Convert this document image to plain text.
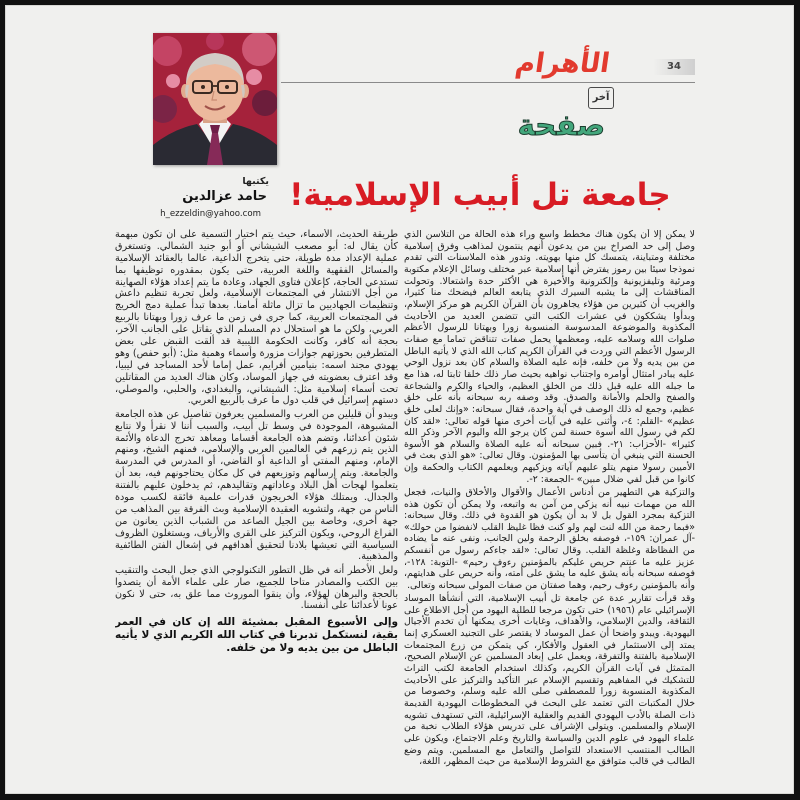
الأهرام	34
آخر
صفحة
يكتبها
حامد عزالدين
h_ezzeldin@yahoo.com
جامعة تل أبيب الإسلامية!

لا يمكن إلا أن يكون هناك مخطط واسع وراء هذه الحالة من التلاسن الذي وصل إلى حد الصراخ بين من يدعون أنهم ينتمون لمذاهب وفرق إسلامية مختلفة ومتباينة، يتمسك كل منها بهويته. وتدور هذه الملاسنات التي تقدم نموذجا سيئا بين رموز يفترض أنها إسلامية عبر مختلف وسائل الإعلام مكتوبة ومرئية وتليفزيونية وإلكترونية والأخيرة هي الأكثر حدة واشتعالا. وتحولت المناقشات إلى ما يشبه السيرك الذي يتابعه العالم فيضحك منا كثيرا، والغريب أن كثيرين من هؤلاء يجاهرون بأن القرآن الكريم هو مركز الإسلام، وبدأوا يشككون في عشرات الكتب التي تتضمن العديد من الأحاديث المكذوبة والموضوعة المدسوسة المنسوبة زورا وبهتانا للرسول الأعظم صلوات الله وسلامه عليه، ومعظمها يحمل صفات تتناقض تماما مع صفات الرسول الأعظم التي وردت في القرآن الكريم كتاب الله الذي لا يأتيه الباطل من بين يديه ولا من خلفه، فإنه عليه الصلاة والسلام كان بعد نزول الوحي عليه يبادر امتثال أوامره واجتناب نواهيه بحيث صار ذلك خلقا ثابتا له، هذا مع ما جبله الله عليه قبل ذلك من الخلق العظيم، والحياء والكرم والشجاعة والصفح والحلم والأمانة والصدق. وقد وصفه ربه سبحانه بأنه على خلق عظيم، وجمع له ذلك الوصف في آية واحدة، فقال سبحانه: «وإنك لعلى خلق عظيم» -القلم: ٤-، وأثنى عليه في آيات أخرى منها قوله تعالى: «لقد كان لكم في رسول الله أسوة حسنة لمن كان يرجو الله واليوم الآخر وذكر الله كثيرا» -الأحزاب: ٢١-. فبين سبحانه أنه عليه الصلاة والسلام هو الأسوة الحسنة التي ينبغي أن يتأسى بها المؤمنون. وقال تعالى: «هو الذي بعث في الأميين رسولا منهم يتلو عليهم آياته ويزكيهم ويعلمهم الكتاب والحكمة وإن كانوا من قبل لفي ضلال مبين» -الجمعة: ٢-.

والتزكية هي التطهير من أدناس الأعمال والأقوال والأخلاق والنيات، فجعل الله من مهمات نبيه أنه يزكي من آمن به واتبعه، ولا يمكن أن تكون هذه التزكية بمجرد القول بل لا بد أن يكون هو القدوة في ذلك. وقال سبحانه: «فبما رحمة من الله لنت لهم ولو كنت فظا غليظ القلب لانفضوا من حولك» -آل عمران: ١٥٩-، فوصفه بخلق الرحمة ولين الجانب، ونفى عنه ما يضاده من الفظاظة وغلظة القلب. وقال تعالى: «لقد جاءكم رسول من أنفسكم عزيز عليه ما عنتم حريص عليكم بالمؤمنين رءوف رحيم» -التوبة: ١٢٨-، فوصفه سبحانه بأنه يشق عليه ما يشق على أمته، وأنه حريص على هدايتهم، وأنه بالمؤمنين رءوف رحيم، وهما صفتان من صفات المولى سبحانه وتعالى.

وقد قرأت تقارير عدة عن جامعة تل أبيب الإسلامية، التي أنشأها الموساد الإسرائيلي عام (١٩٥٦) حتى تكون مرجعا للطلبة اليهود من أجل الاطلاع على الثقافة، والدين الإسلامي، والأهداف، وغايات أخرى يمكنها أن تخدم الأجيال اليهودية. ويبدو واضحا أن عمل الموساد لا يقتصر على التجنيد العسكري إنما يمتد إلى الاستثمار في العقول والأفكار، كي يتمكن من زرع المجتمعات الإسلامية بالفتنة والتفرقة، ويعمل على إبعاد المسلمين عن الإسلام الصحيح، المتمثل في آيات القرآن الكريم، وكذلك استخدام الجامعة لكتب التراث للتشكيك في المفاهيم وتقسيم الإسلام عبر التأكيد والتركيز على الأحاديث المكذوبة المنسوبة زورا للمصطفى صلى الله عليه وسلم، وخصوصا من خلال المكتبات التي تعتمد على البحث في المخطوطات اليهودية القديمة ذات الصلة بالأدب اليهودي القديم والعقلية الإسرائيلية، التي تستهدف تشويه الإسلام والمسلمين. ويتولى الإشراف على تدريس هؤلاء الطلاب نخبة من علماء اليهود في علوم الدين والسياسة والتاريخ وعلم الاجتماع، ويكون على الطالب المنتسب الاستعداد للتواصل والتعامل مع المسلمين. ويتم وضع الطالب في قالب متوافق مع الشروط الإسلامية من حيث المظهر، اللغة،

طريقة الحديث، الأسماء، حيث يتم اختيار التسمية على أن تكون مبهمة كأن يقال له: أبو مصعب الشيشاني أو أبو جنيد الشمالي. وتستغرق عملية الإعداد مدة طويلة، حتى يتخرج الداعية، عالما بالعقائد الإسلامية والمسائل الفقهية واللغة العربية، حتى يكون بمقدوره توظيفها بما تستدعي الحاجة، كإعلان فتاوى الجهاد، وعادة ما يتم إعداد هؤلاء الصهاينة من أجل الانتشار في المجتمعات الإسلامية، ولعل تجربة تنظيم داعش وتنظيمات الجهاديين ما تزال ماثلة أمامنا. بعدها تبدأ عملية دمج الخريج في المجتمعات العربية، كما جرى في زمن ما عرف زورا وبهتانا بالربيع العربي، ولكن ما هو استحلال دم المسلم الذي يقاتل على الجانب الآخر، بحجة أنه كافر، وكانت الحكومة الليبية قد ألقت القبض على بعض المتطرفين بحوزتهم جوازات مزورة وأسماء وهمية مثل: (أبو حفص) وهو يهودي مجند اسمه: بنيامين أفرايم، عمل إماما لأحد المساجد في ليبيا، وقد اعترف بعضويته في جهاز الموساد، وكان هناك العديد من المقاتلين تحت أسماء إسلامية مثل: الشيشاني، والبغدادي، والحلبي، والموصلي، دستهم إسرائيل في قلب دول ما عرف بالربيع العربي.

ويبدو أن قليلين من العرب والمسلمين يعرفون تفاصيل عن هذه الجامعة المشبوهة، الموجودة في وسط تل أبيب، والسبب أننا لا نقرأ ولا نتابع شئون أعدائنا، وتضم هذه الجامعة أقساما ومعاهد تخرج الدعاة والأئمة الذين يتم زرعهم في العالمين العربي والإسلامي، فمنهم الشيخ، ومنهم الإمام، ومنهم المفتي أو الداعية أو القاضي، أو المدرس في المدرسة والجامعة. ويتم إرسالهم وتوزيعهم في كل مكان يحتاجونهم فيه، بعد أن يتعلموا لهجات أهل البلاد وعاداتهم وتقاليدهم، ثم يدخلون عليهم بالفتنة والجدال. ويمتلك هؤلاء الخريجون قدرات علمية فائقة لكسب مودة الناس من جهة، ولتشويه العقيدة الإسلامية وبث الفرقة بين المذاهب من جهة أخرى، وخاصة بين الجيل الصاعد من الشباب الذين يعانون من الفراغ الروحي، ويكون التركيز على القرى والأرياف، ويستغلون الظروف السياسية التي تعيشها بلادنا لتحقيق أهدافهم في إشعال الفتن الطائفية والمذهبية.

ولعل الأخطر أنه في ظل التطور التكنولوجي الذي جعل البحث والتنقيب بين الكتب والمصادر متاحا للجميع، صار على علماء الأمة أن يتصدوا بالحجة والبرهان لهؤلاء، وأن ينقوا الموروث مما علق به، حتى لا نكون عونا لأعدائنا على أنفسنا.

وإلى الأسبوع المقبل بمشيئة الله إن كان في العمر بقية، لنستكمل تدبرنا في كتاب الله الكريم الذي لا يأتيه الباطل من بين يديه ولا من خلفه.
